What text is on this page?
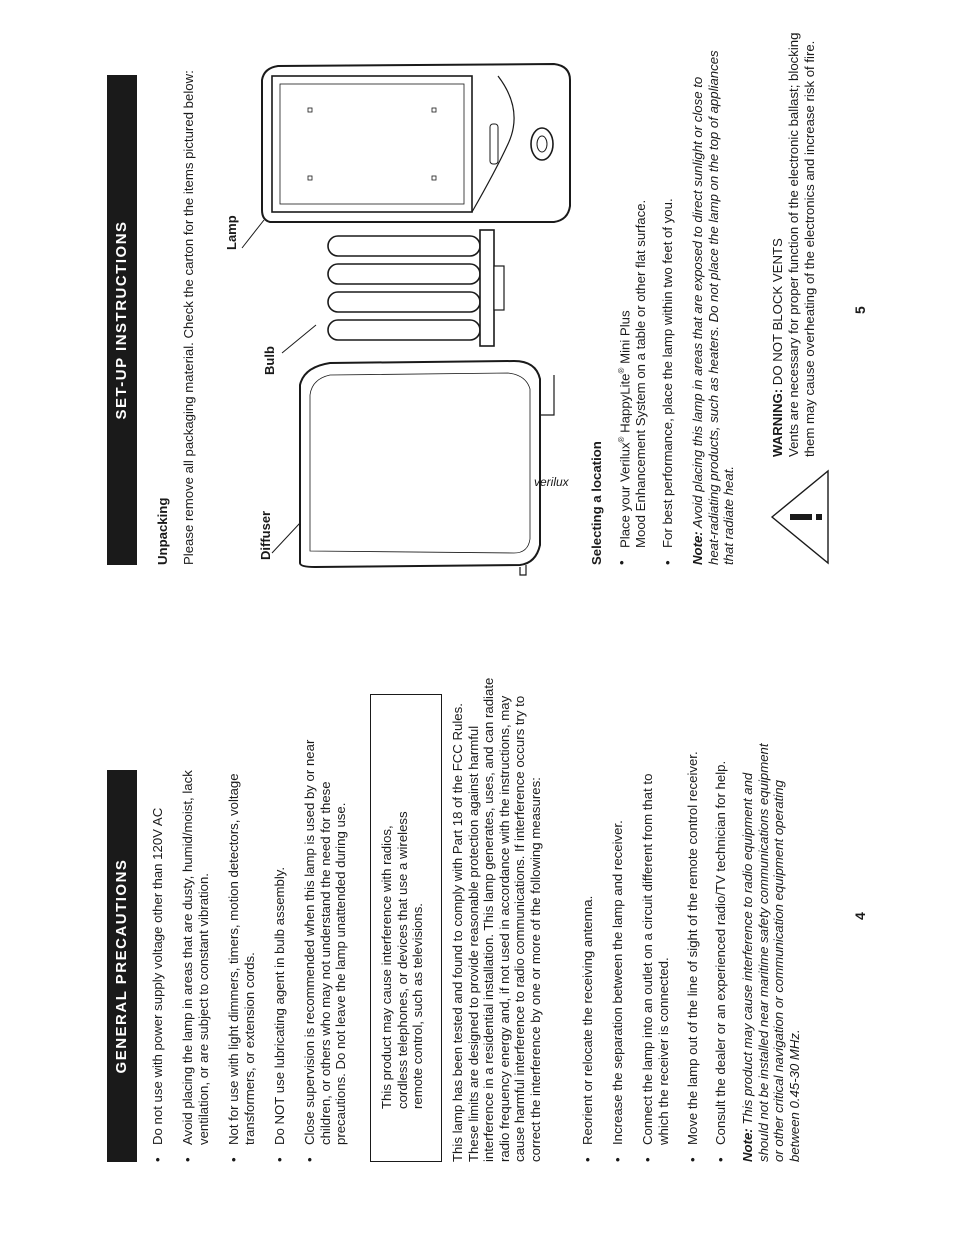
GENERAL PRECAUTIONS	• Do not use with power supply voltage other than 120V AC • Avoid placing the lamp in areas that are dusty, humid/moist, lack ventilation, or are subject to constant vibration. • Not for use with light dimmers, timers, motion detectors, voltage transformers, or extension cords. • Do NOT use lubricating agent in bulb assembly. • Close supervision is recommended when this lamp is used by or near children, or others who may not understand the need for these precautions. Do not leave the lamp unattended during use. This product may cause interference with radios, cordless telephones, or devices that use a wireless remote control, such as televisions. This lamp has been tested and found to comply with Part 18 of the FCC Rules. These limits are designed to provide reasonable protection against harmful interference in a residential installation. This lamp generates, uses, and can radiate radio frequency energy and, if not used in accordance with the instructions, may cause harmful interference to radio communications. If interference occurs try to correct the interference by one or more of the following measures:	• Reorient or relocate the receiving antenna. • Increase the separation between the lamp and receiver. • Connect the lamp into an outlet on a circuit different from that to which the receiver is connected. • Move the lamp out of the line of sight of the remote control receiver. • Consult the dealer or an experienced radio/TV technician for help.
Note: This product may cause interference to radio equipment and should not be installed near maritime safety communications equipment or other critical navigation or communication equipment operating between 0.45-30 MHz.
4
SET-UP INSTRUCTIONS
Unpacking Please remove all packaging material. Check the carton for the items pictured below:	Diffuser
verilux
Bulb
Lamp
Selecting a location • Place your Verilux® HappyLite® Mini Plus
Mood Enhancement System on a table or other flat surface. • For best performance, place the lamp within two feet of you.
Note: Avoid placing this lamp in areas that are exposed to direct sunlight or close to heat-radiating products, such as heaters. Do not place the lamp on the top of appliances that radiate heat.
WARNING: DO NOT BLOCK VENTS Vents are necessary for proper function of the electronic ballast; blocking them may cause overheating of the electronics and increase risk of fire.	5
